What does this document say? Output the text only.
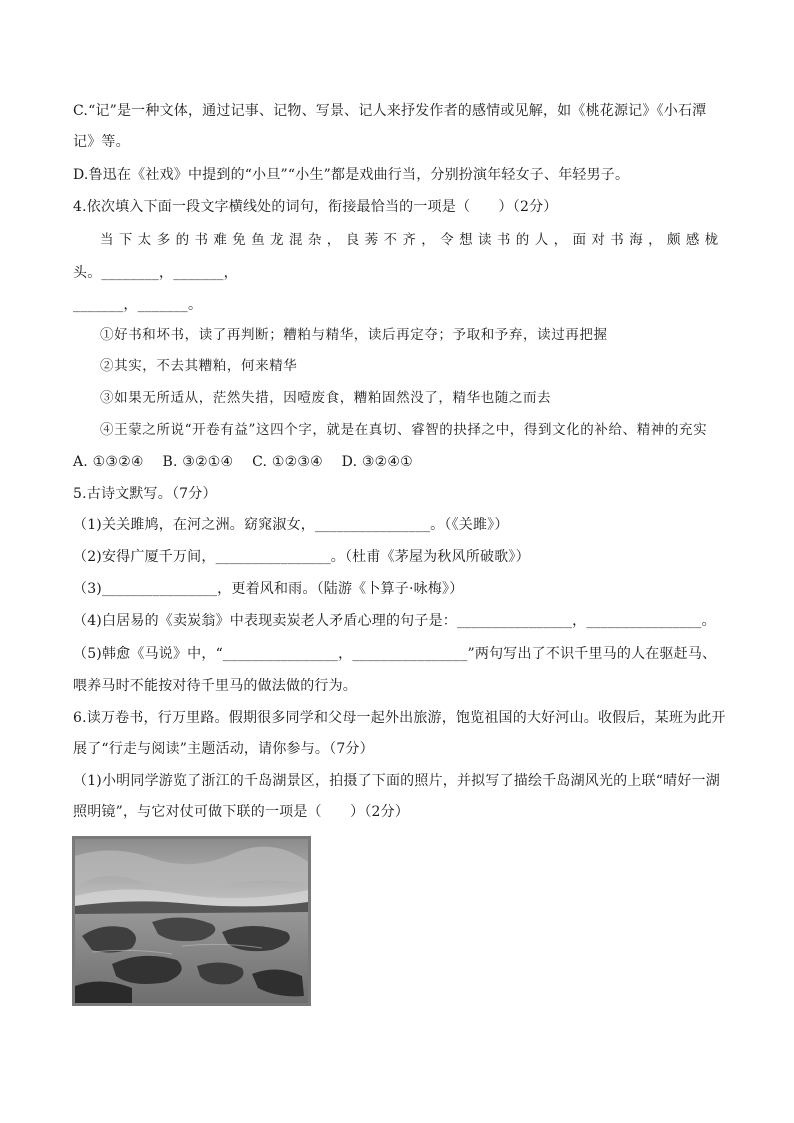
C.“记”是一种文体，通过记事、记物、写景、记人来抒发作者的感情或见解，如《桃花源记》《小石潭
记》等。
D.鲁迅在《社戏》中提到的“小旦”“小生”都是戏曲行当，分别扮演年轻女子、年轻男子。
4.依次填入下面一段文字横线处的词句，衔接最恰当的一项是（　　）（2分）
当下太多的书难免鱼龙混杂，良莠不齐，令想读书的人，面对书海，颇感栊
头。________，_______，
_______，_______。
①好书和坏书，读了再判断；糟粕与精华，读后再定夺；予取和予弃，读过再把握
②其实，不去其糟粕，何来精华
③如果无所适从，茫然失措，因噎废食，糟粕固然没了，精华也随之而去
④王蒙之所说“开卷有益”这四个字，就是在真切、睿智的抉择之中，得到文化的补给、精神的充实
A. ①③②④　 B. ③②①④　 C. ①②③④　 D. ③②④①
5.古诗文默写。（7分）
（1)关关雎鸠，在河之洲。窈窕淑女，________________。（《关雎》）
（2)安得广厦千万间，________________。（杜甫《茅屋为秋风所破歌》）
（3)________________，更着风和雨。（陆游《卜算子·咏梅》）
（4)白居易的《卖炭翁》中表现卖炭老人矛盾心理的句子是：________________，________________。
（5)韩愈《马说》中，“________________，________________”两句写出了不识千里马的人在驱赶马、
喂养马时不能按对待千里马的做法做的行为。
6.读万卷书，行万里路。假期很多同学和父母一起外出旅游，饱览祖国的大好河山。收假后，某班为此开
展了“行走与阅读”主题活动，请你参与。（7分）
（1)小明同学游览了浙江的千岛湖景区，拍摄了下面的照片，并拟写了描绘千岛湖风光的上联“晴好一湖
照明镜”，与它对仗可做下联的一项是（　　）（2分）
